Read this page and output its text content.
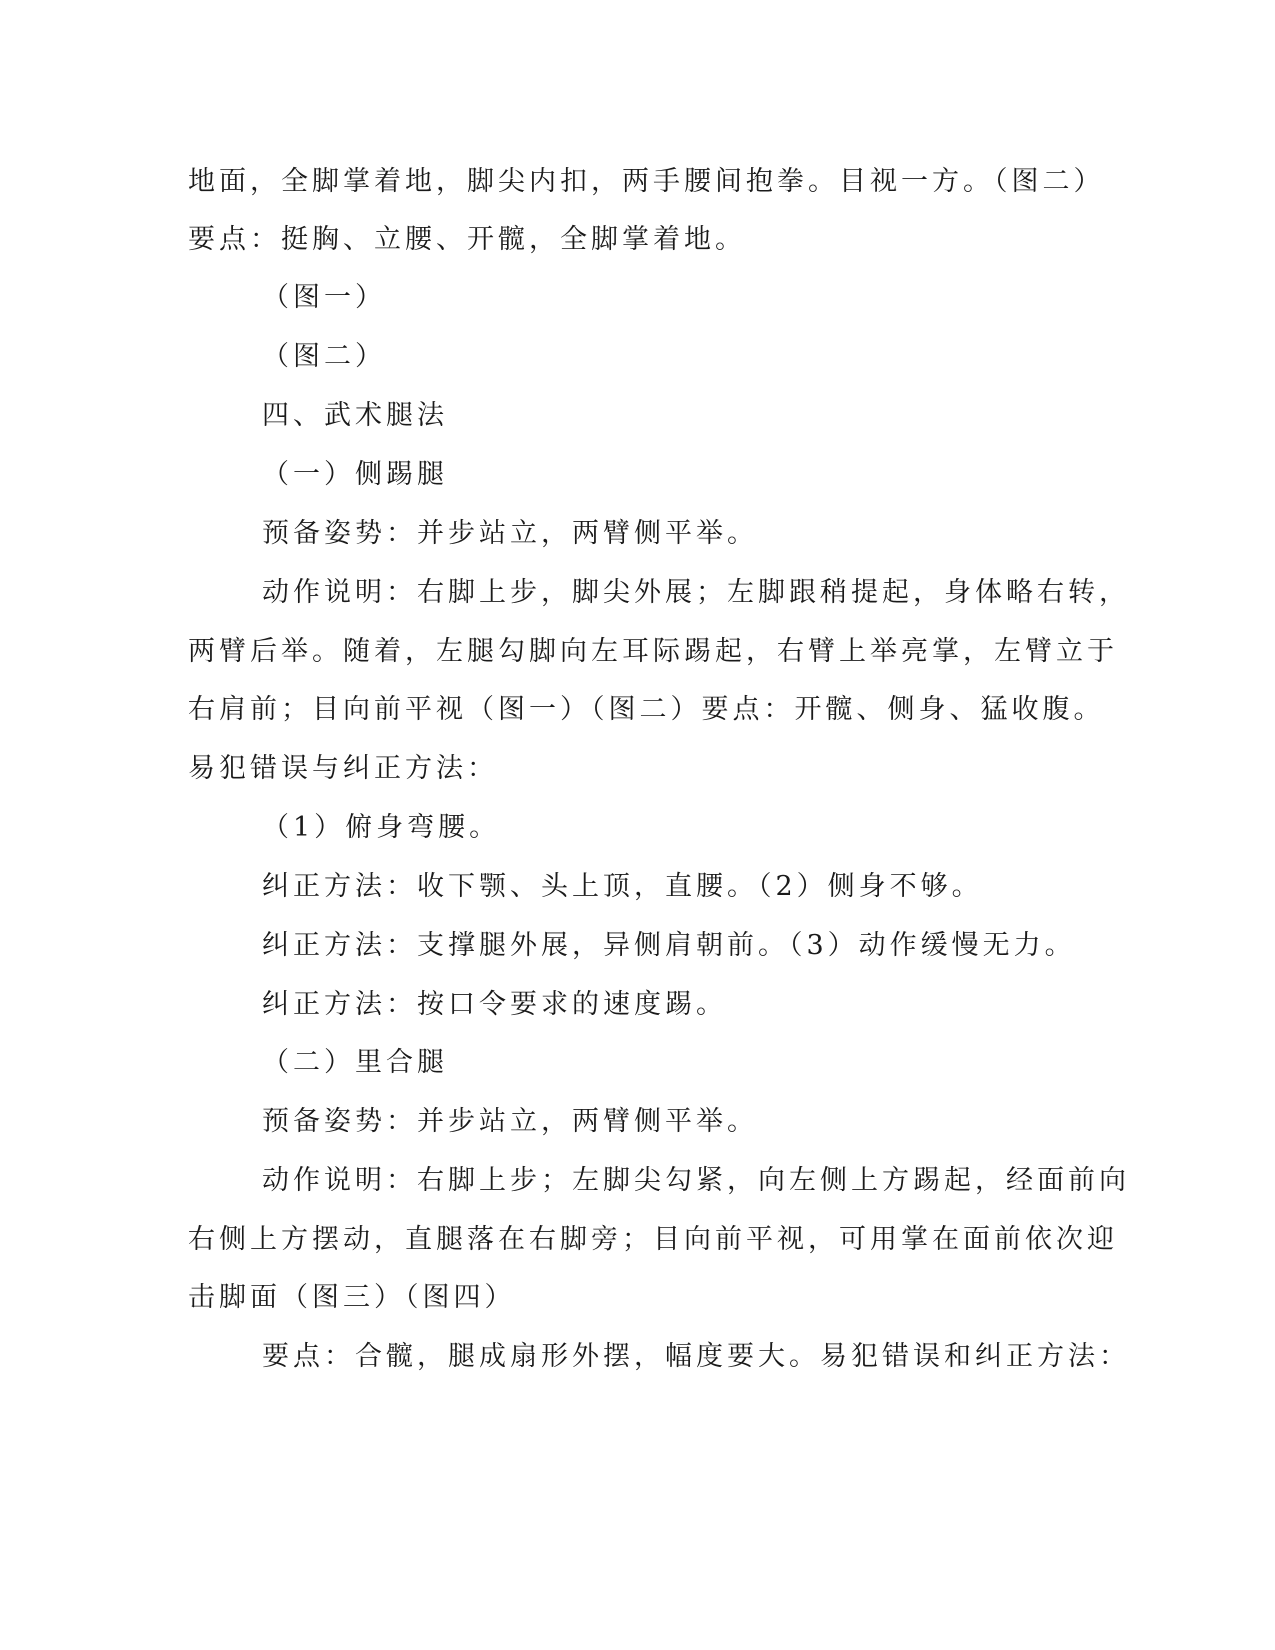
地面，全脚掌着地，脚尖内扣，两手腰间抱拳。目视一方。（图二）
要点：挺胸、立腰、开髋，全脚掌着地。
（图一）
（图二）
四、武术腿法
（一）侧踢腿
预备姿势：并步站立，两臂侧平举。
动作说明：右脚上步，脚尖外展；左脚跟稍提起，身体略右转，
两臂后举。随着，左腿勾脚向左耳际踢起，右臂上举亮掌，左臂立于
右肩前；目向前平视（图一）（图二）要点：开髋、侧身、猛收腹。
易犯错误与纠正方法：
（1）俯身弯腰。
纠正方法：收下颚、头上顶，直腰。（2）侧身不够。
纠正方法：支撑腿外展，异侧肩朝前。（3）动作缓慢无力。
纠正方法：按口令要求的速度踢。
（二）里合腿
预备姿势：并步站立，两臂侧平举。
动作说明：右脚上步；左脚尖勾紧，向左侧上方踢起，经面前向
右侧上方摆动，直腿落在右脚旁；目向前平视，可用掌在面前依次迎
击脚面（图三）（图四）
要点：合髋，腿成扇形外摆，幅度要大。易犯错误和纠正方法：
